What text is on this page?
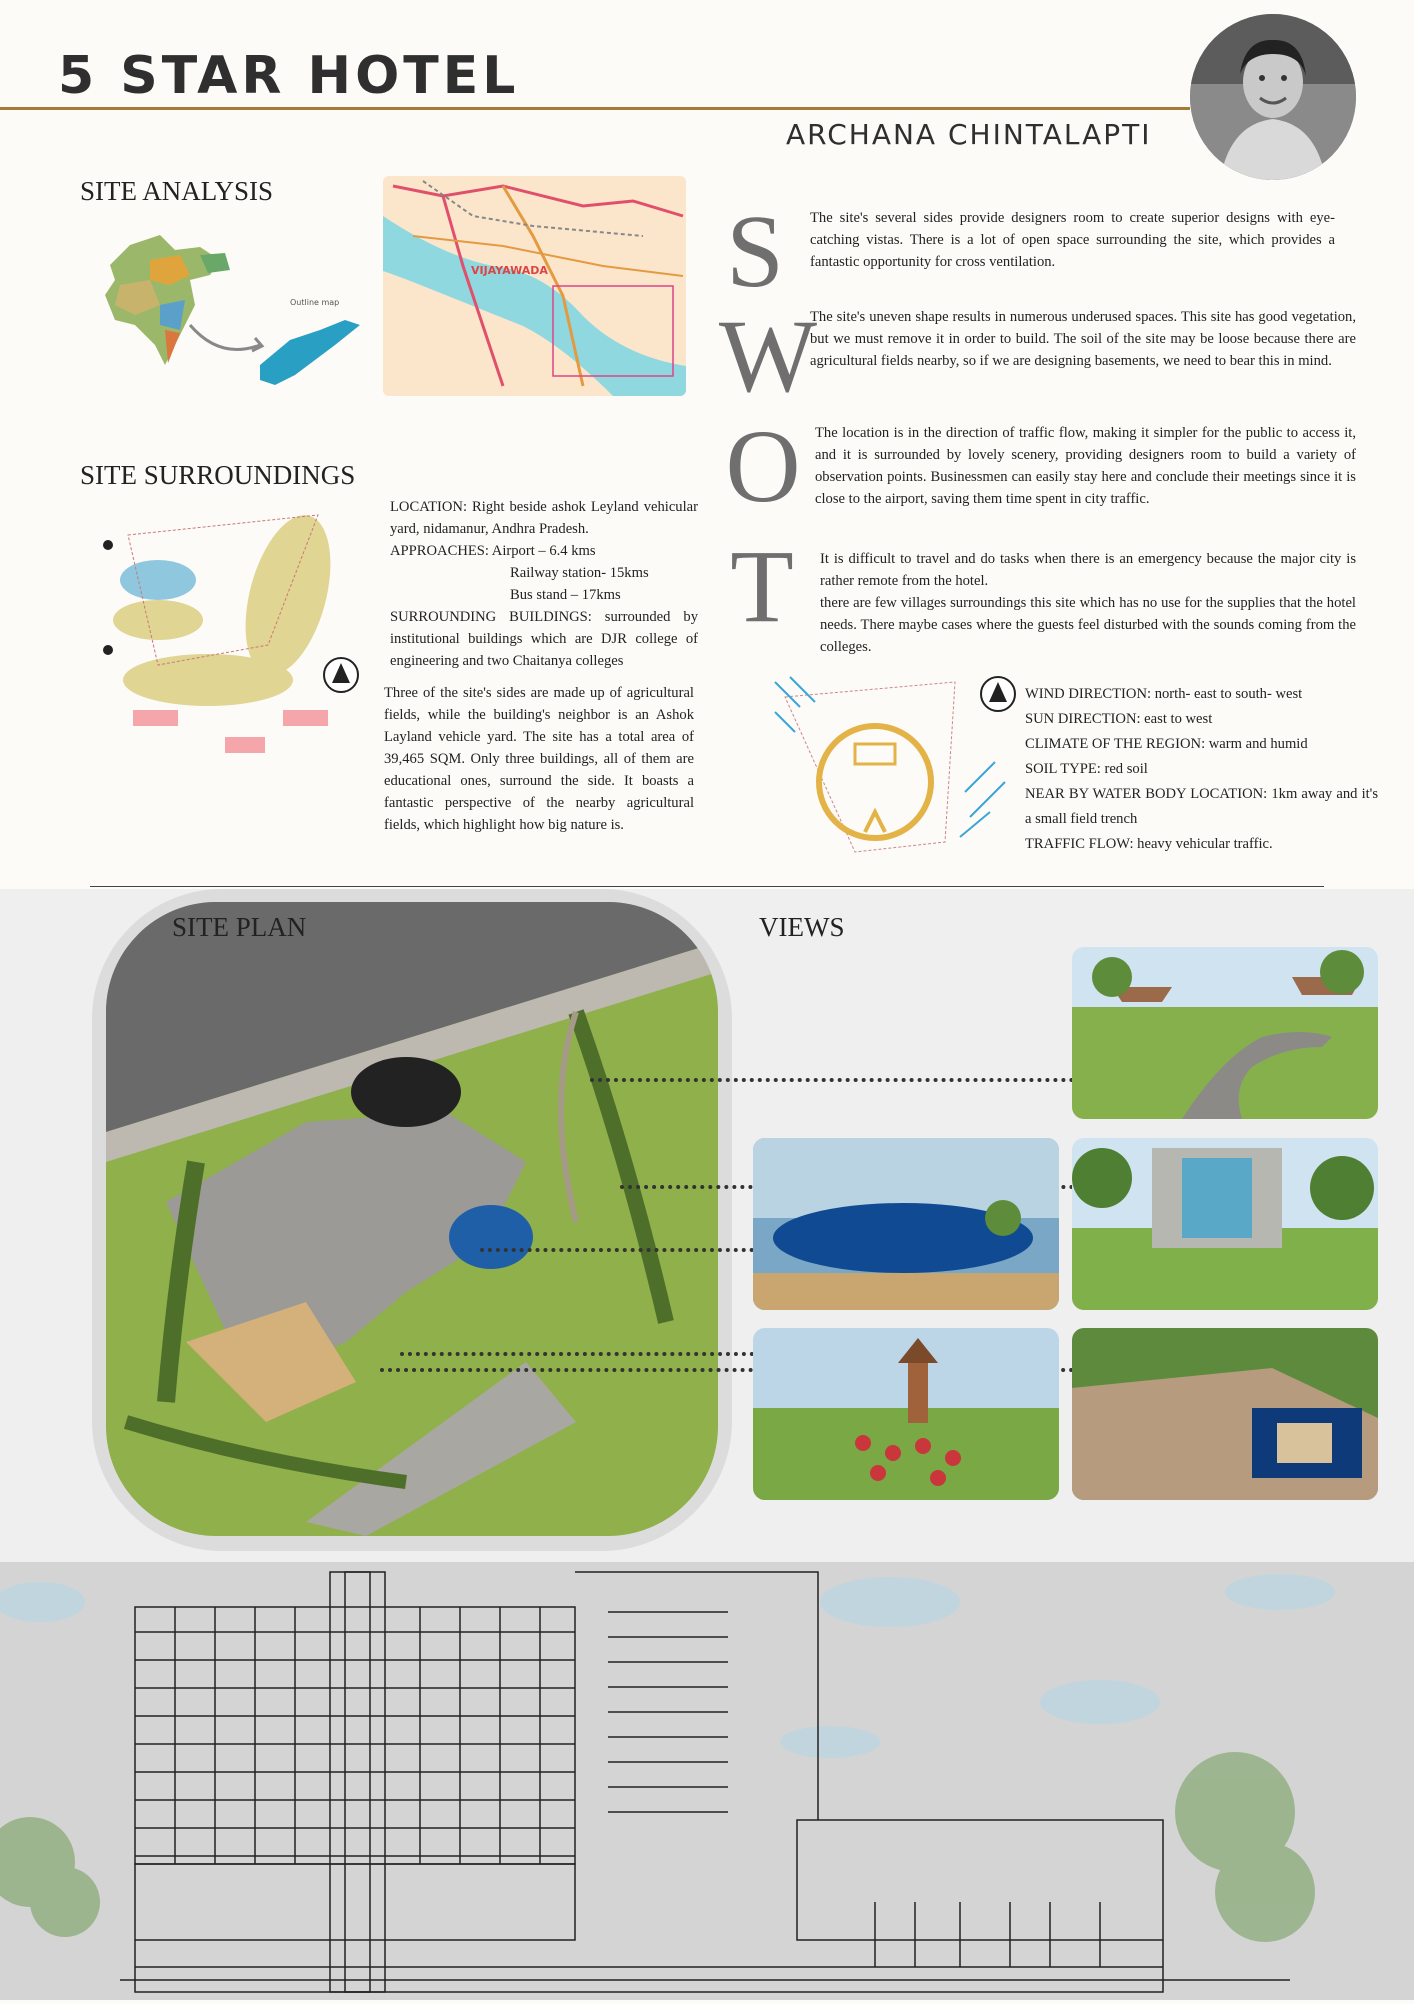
5 STAR HOTEL
ARCHANA CHINTALAPTI
SITE ANALYSIS
Outline map
VIJAYAWADA
SITE SURROUNDINGS

LOCATION: Right beside ashok Leyland vehicular yard, nidamanur, Andhra Pradesh.

APPROACHES: Airport – 6.4 kms

Railway station- 15kms

Bus stand – 17kms

SURROUNDING BUILDINGS: surrounded by institutional buildings which are DJR college of engineering and two Chaitanya colleges

Three of the site's sides are made up of agricultural fields, while the building's neighbor is an Ashok Layland vehicle yard. The site has a total area of 39,465 SQM. Only three buildings, all of them are educational ones, surround the side. It boasts a fantastic perspective of the nearby agricultural fields, which highlight how big nature is.

S
W
O
T

The site's several sides provide designers room to create superior designs with eye-catching vistas. There is a lot of open space surrounding the site, which provides a fantastic opportunity for cross ventilation.

The site's uneven shape results in numerous underused spaces. This site has good vegetation, but we must remove it in order to build. The soil of the site may be loose because there are agricultural fields nearby, so if we are designing basements, we need to bear this in mind.

The location is in the direction of traffic flow, making it simpler for the public to access it, and it is surrounded by lovely scenery, providing designers room to build a variety of observation points. Businessmen can easily stay here and conclude their meetings since it is close to the airport, saving them time spent in city traffic.

It is difficult to travel and do tasks when there is an emergency because the major city is rather remote from the hotel.

there are few villages surroundings this site which has no use for the supplies that the hotel needs. There maybe cases where the guests feel disturbed with the sounds coming from the colleges.

WIND DIRECTION: north- east to south- west
SUN DIRECTION: east to west
CLIMATE OF THE REGION: warm and humid
SOIL TYPE: red soil
NEAR BY WATER BODY LOCATION: 1km away and it's a small field trench
TRAFFIC FLOW: heavy vehicular traffic.
SITE PLAN	VIEWS
